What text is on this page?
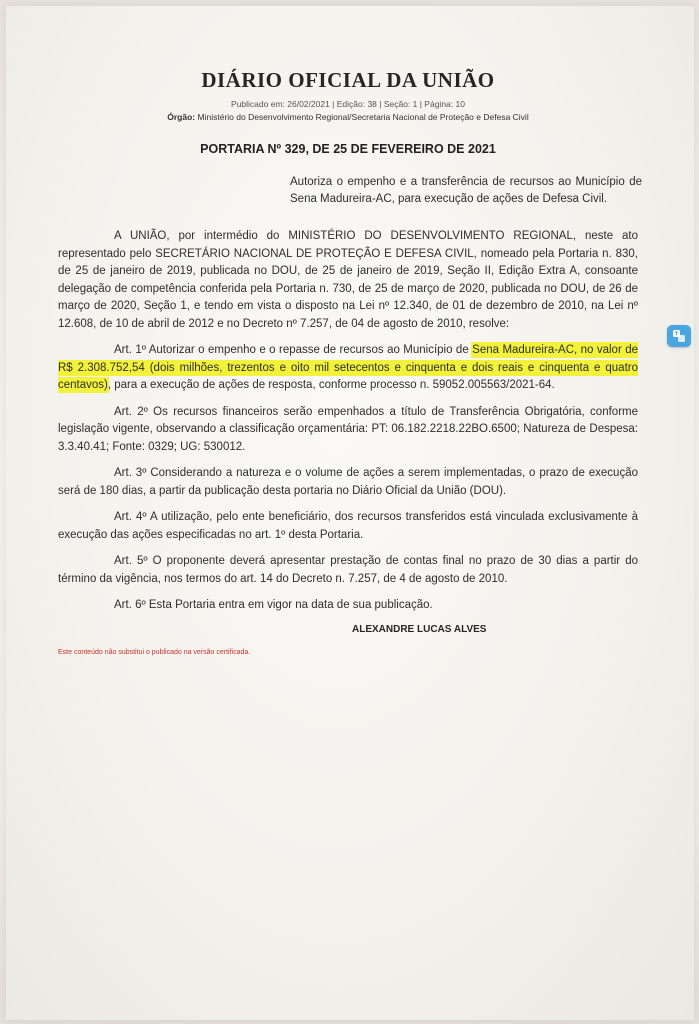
DIÁRIO OFICIAL DA UNIÃO

Publicado em: 26/02/2021 | Edição: 38 | Seção: 1 | Página: 10

Órgão: Ministério do Desenvolvimento Regional/Secretaria Nacional de Proteção e Defesa Civil

PORTARIA Nº 329, DE 25 DE FEVEREIRO DE 2021

Autoriza o empenho e a transferência de recursos ao Município de Sena Madureira-AC, para execução de ações de Defesa Civil.

A UNIÃO, por intermédio do MINISTÉRIO DO DESENVOLVIMENTO REGIONAL, neste ato representado pelo SECRETÁRIO NACIONAL DE PROTEÇÃO E DEFESA CIVIL, nomeado pela Portaria n. 830, de 25 de janeiro de 2019, publicada no DOU, de 25 de janeiro de 2019, Seção II, Edição Extra A, consoante delegação de competência conferida pela Portaria n. 730, de 25 de março de 2020, publicada no DOU, de 26 de março de 2020, Seção 1, e tendo em vista o disposto na Lei nº 12.340, de 01 de dezembro de 2010, na Lei nº 12.608, de 10 de abril de 2012 e no Decreto nº 7.257, de 04 de agosto de 2010, resolve:

Art. 1º Autorizar o empenho e o repasse de recursos ao Município de Sena Madureira-AC, no valor de R$ 2.308.752,54 (dois milhões, trezentos e oito mil setecentos e cinquenta e dois reais e cinquenta e quatro centavos), para a execução de ações de resposta, conforme processo n. 59052.005563/2021-64.

Art. 2º Os recursos financeiros serão empenhados a título de Transferência Obrigatória, conforme legislação vigente, observando a classificação orçamentária: PT: 06.182.2218.22BO.6500; Natureza de Despesa: 3.3.40.41; Fonte: 0329; UG: 530012.

Art. 3º Considerando a natureza e o volume de ações a serem implementadas, o prazo de execução será de 180 dias, a partir da publicação desta portaria no Diário Oficial da União (DOU).

Art. 4º A utilização, pelo ente beneficiário, dos recursos transferidos está vinculada exclusivamente à execução das ações especificadas no art. 1º desta Portaria.

Art. 5º O proponente deverá apresentar prestação de contas final no prazo de 30 dias a partir do término da vigência, nos termos do art. 14 do Decreto n. 7.257, de 4 de agosto de 2010.

Art. 6º Esta Portaria entra em vigor na data de sua publicação.

ALEXANDRE LUCAS ALVES

Este conteúdo não substitui o publicado na versão certificada.
